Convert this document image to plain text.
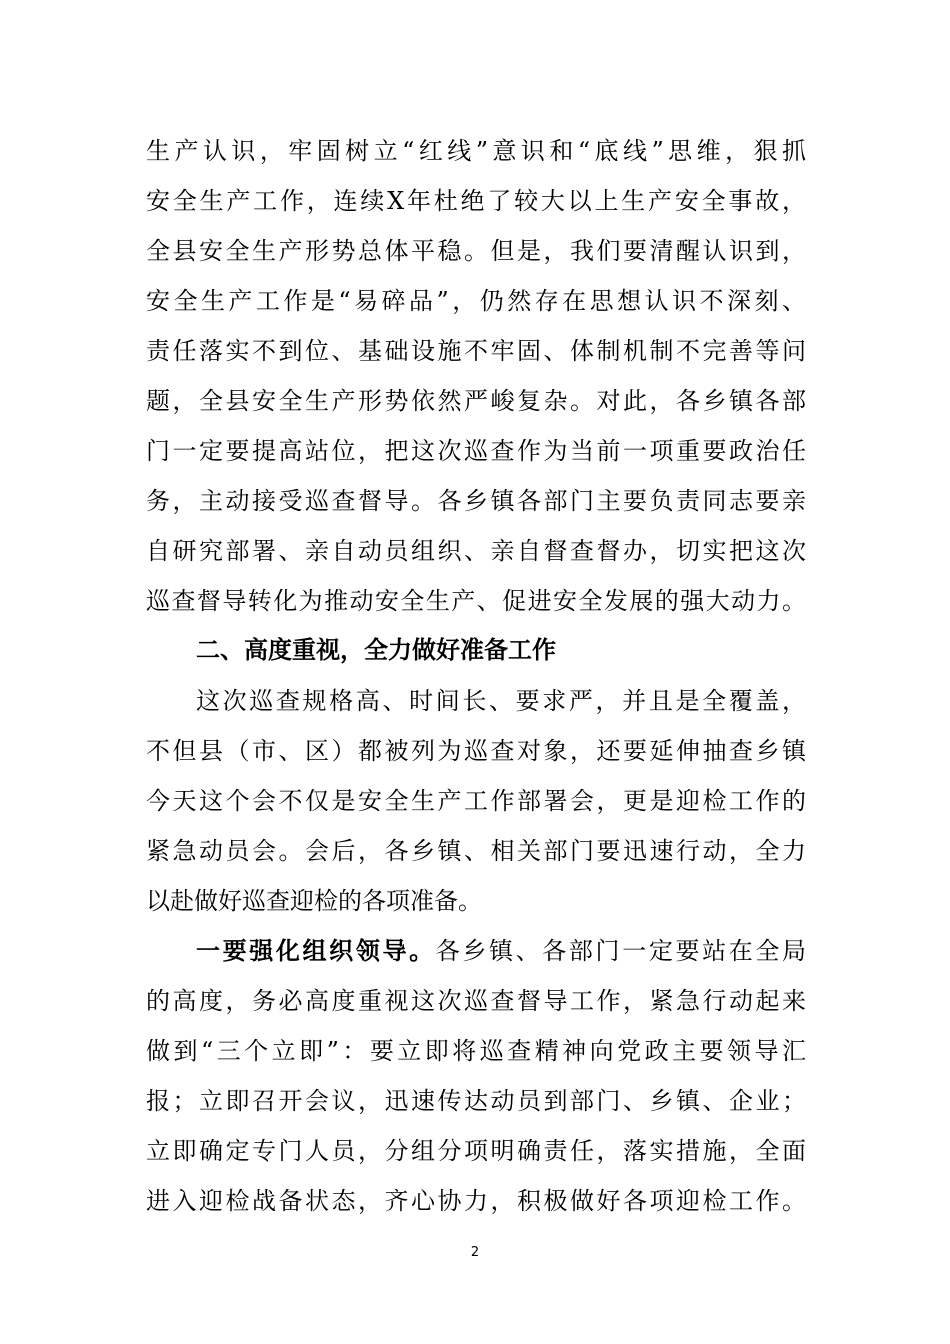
生产认识，牢固树立“红线”意识和“底线”思维，狠抓
安全生产工作，连续X年杜绝了较大以上生产安全事故，
全县安全生产形势总体平稳。但是，我们要清醒认识到，
安全生产工作是“易碎品”，仍然存在思想认识不深刻、
责任落实不到位、基础设施不牢固、体制机制不完善等问
题，全县安全生产形势依然严峻复杂。对此，各乡镇各部
门一定要提高站位，把这次巡查作为当前一项重要政治任
务，主动接受巡查督导。各乡镇各部门主要负责同志要亲
自研究部署、亲自动员组织、亲自督查督办，切实把这次
巡查督导转化为推动安全生产、促进安全发展的强大动力。
二、高度重视，全力做好准备工作
这次巡查规格高、时间长、要求严，并且是全覆盖，
不但县（市、区）都被列为巡查对象，还要延伸抽查乡镇
今天这个会不仅是安全生产工作部署会，更是迎检工作的
紧急动员会。会后，各乡镇、相关部门要迅速行动，全力
以赴做好巡查迎检的各项准备。
一要强化组织领导。各乡镇、各部门一定要站在全局
的高度，务必高度重视这次巡查督导工作，紧急行动起来
做到“三个立即”：要立即将巡查精神向党政主要领导汇
报；立即召开会议，迅速传达动员到部门、乡镇、企业；
立即确定专门人员，分组分项明确责任，落实措施，全面
进入迎检战备状态，齐心协力，积极做好各项迎检工作。
2
